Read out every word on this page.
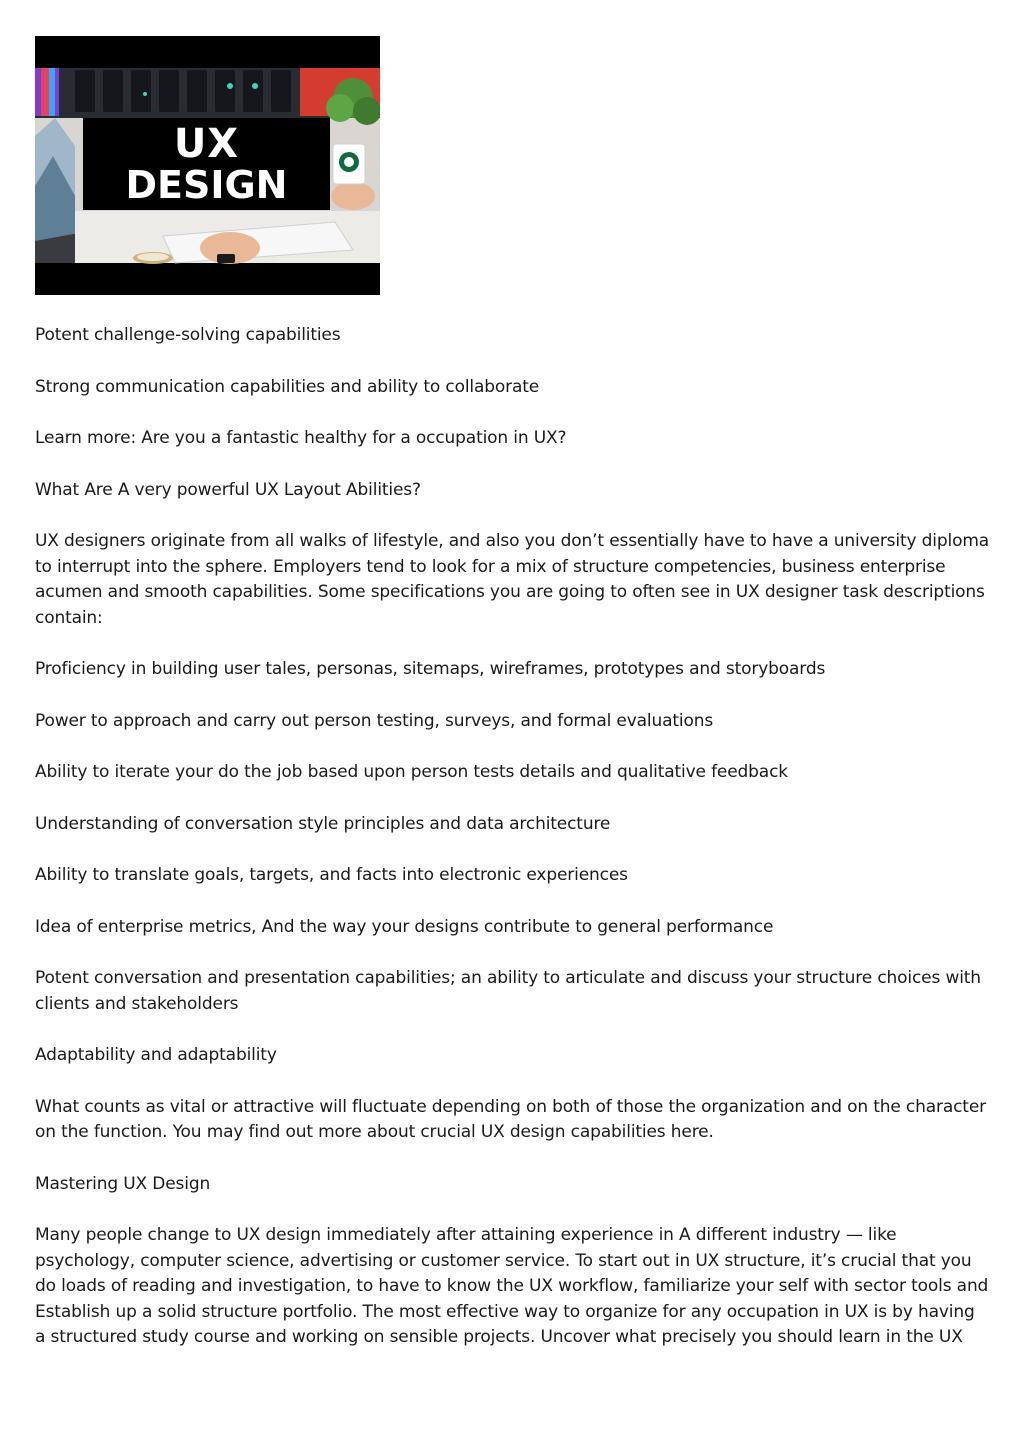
UX
DESIGN

Potent challenge-solving capabilities

Strong communication capabilities and ability to collaborate

Learn more: Are you a fantastic healthy for a occupation in UX?

What Are A very powerful UX Layout Abilities?

UX designers originate from all walks of lifestyle, and also you don’t essentially have to have a university diploma to interrupt into the sphere. Employers tend to look for a mix of structure competencies, business enterprise acumen and smooth capabilities. Some specifications you are going to often see in UX designer task descriptions contain:

Proficiency in building user tales, personas, sitemaps, wireframes, prototypes and storyboards

Power to approach and carry out person testing, surveys, and formal evaluations

Ability to iterate your do the job based upon person tests details and qualitative feedback

Understanding of conversation style principles and data architecture

Ability to translate goals, targets, and facts into electronic experiences

Idea of enterprise metrics, And the way your designs contribute to general performance

Potent conversation and presentation capabilities; an ability to articulate and discuss your structure choices with clients and stakeholders

Adaptability and adaptability

What counts as vital or attractive will fluctuate depending on both of those the organization and on the character on the function. You may find out more about crucial UX design capabilities here.

Mastering UX Design

Many people change to UX design immediately after attaining experience in A different industry — like psychology, computer science, advertising or customer service. To start out in UX structure, it’s crucial that you do loads of reading and investigation, to have to know the UX workflow, familiarize your self with sector tools and Establish up a solid structure portfolio. The most effective way to organize for any occupation in UX is by having a structured study course and working on sensible projects. Uncover what precisely you should learn in the UX
